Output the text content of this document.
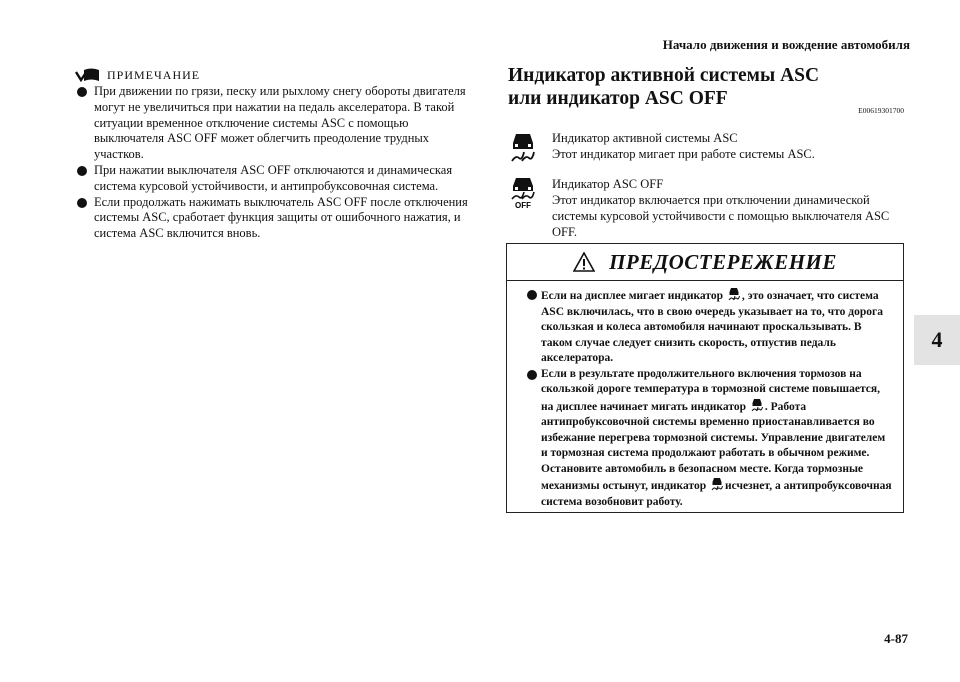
Начало движения и вождение автомобиля
4
4-87
ПРИМЕЧАНИЕ
При движении по грязи, песку или рыхлому снегу обороты двигателя могут не увеличиться при нажатии на педаль акселератора. В такой ситуации временное отключение системы ASC с помощью выключателя ASC OFF может облегчить преодоление трудных участков.
При нажатии выключателя ASC OFF отключаются и динамическая система курсовой устойчивости, и антипробуксовочная система.
Если продолжать нажимать выключатель ASC OFF после отключения системы ASC, сработает функция защиты от ошибочного нажатия, и система ASC включится вновь.
Индикатор активной системы ASC
или индикатор ASC OFF
E00619301700
Индикатор активной системы ASC
Этот индикатор мигает при работе системы ASC.
OFF
Индикатор ASC OFF
Этот индикатор включается при отключении динамической системы курсовой устойчивости с помощью выключателя ASC OFF.
ПРЕДОСТЕРЕЖЕНИЕ
Если на дисплее мигает индикатор , это означает, что система ASC включилась, что в свою очередь указывает на то, что дорога скользкая и колеса автомобиля начинают проскальзывать. В таком случае следует снизить скорость, отпустив педаль акселератора.
Если в результате продолжительного включения тормозов на скользкой дороге температура в тормозной системе повышается, на дисплее начинает мигать индикатор . Работа антипробуксовочной системы временно приостанавливается во избежание перегрева тормозной системы. Управление двигателем и тормозная система продолжают работать в обычном режиме. Остановите автомобиль в безопасном месте. Когда тормозные механизмы остынут, индикатор исчезнет, а антипробуксовочная система возобновит работу.
